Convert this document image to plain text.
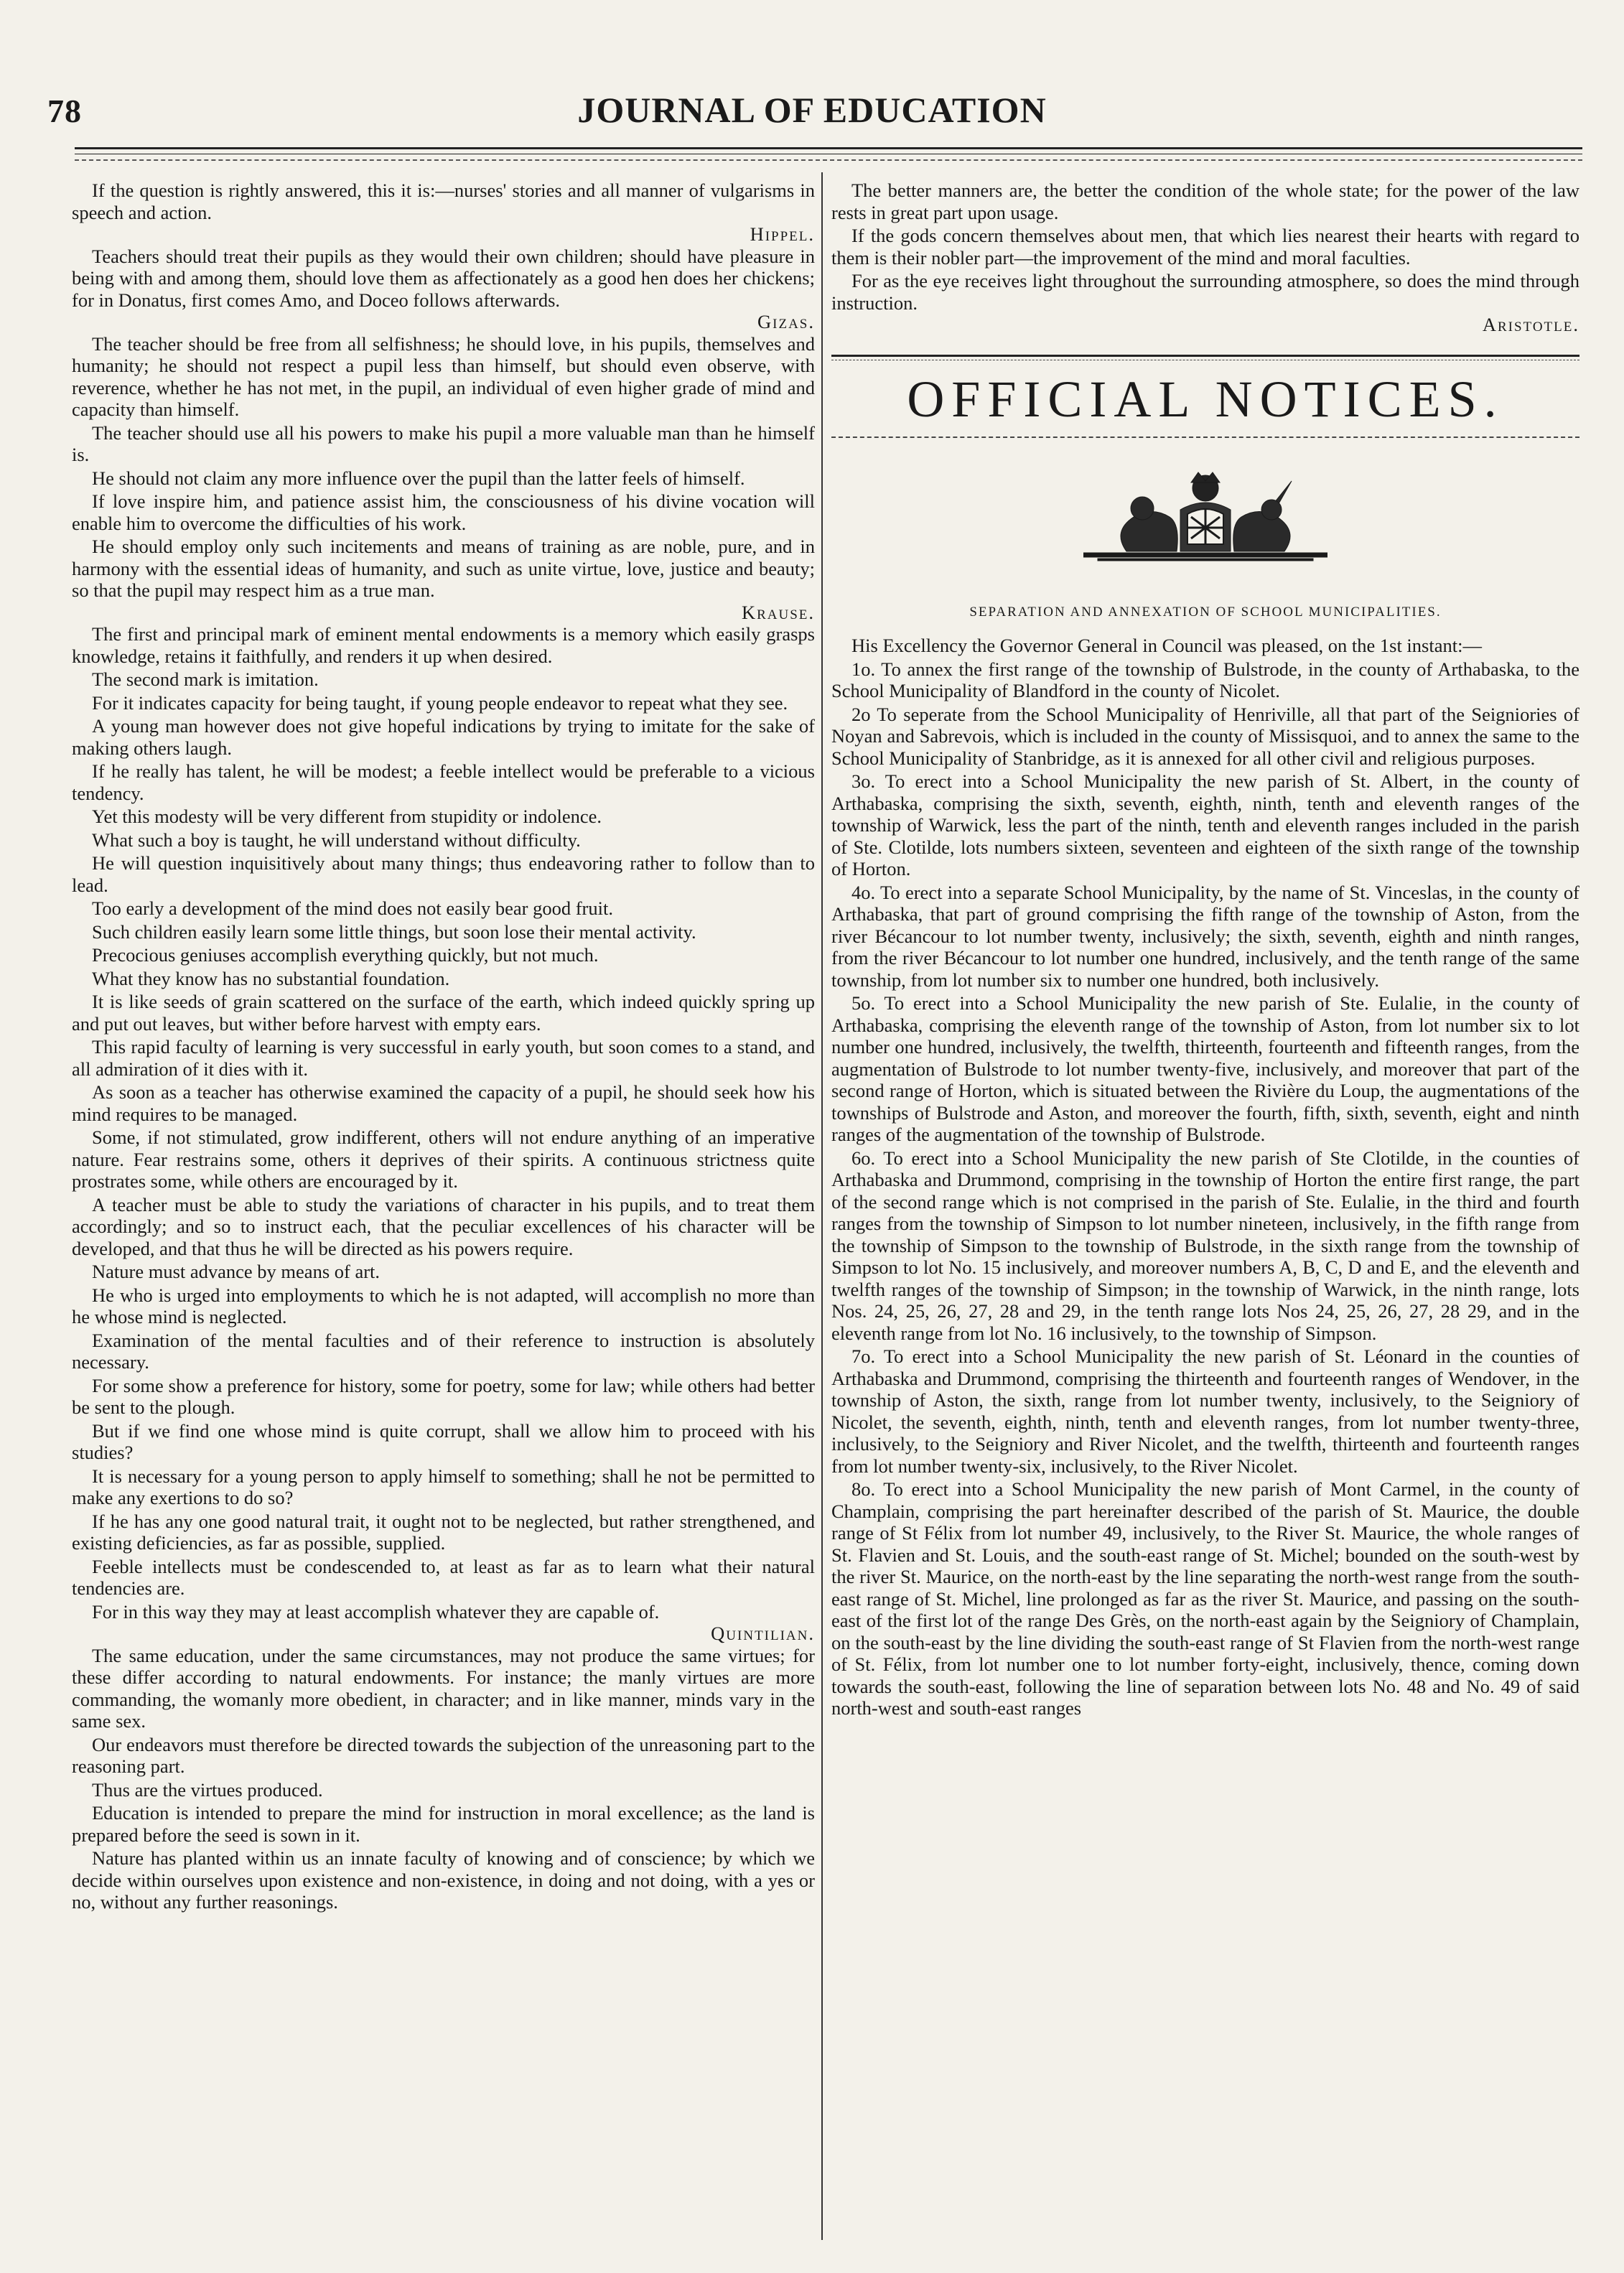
78	JOURNAL OF EDUCATION

If the question is rightly answered, this it is:—nurses' stories and all manner of vulgarisms in speech and action.

Hippel.

Teachers should treat their pupils as they would their own children; should have pleasure in being with and among them, should love them as affectionately as a good hen does her chickens; for in Donatus, first comes Amo, and Doceo follows afterwards.

Gizas.

The teacher should be free from all selfishness; he should love, in his pupils, themselves and humanity; he should not respect a pupil less than himself, but should even observe, with reverence, whether he has not met, in the pupil, an individual of even higher grade of mind and capacity than himself.

The teacher should use all his powers to make his pupil a more valuable man than he himself is.

He should not claim any more influence over the pupil than the latter feels of himself.

If love inspire him, and patience assist him, the consciousness of his divine vocation will enable him to overcome the difficulties of his work.

He should employ only such incitements and means of training as are noble, pure, and in harmony with the essential ideas of humanity, and such as unite virtue, love, justice and beauty; so that the pupil may respect him as a true man.

Krause.

The first and principal mark of eminent mental endowments is a memory which easily grasps knowledge, retains it faithfully, and renders it up when desired.

The second mark is imitation.

For it indicates capacity for being taught, if young people endeavor to repeat what they see.

A young man however does not give hopeful indications by trying to imitate for the sake of making others laugh.

If he really has talent, he will be modest; a feeble intellect would be preferable to a vicious tendency.

Yet this modesty will be very different from stupidity or indolence.

What such a boy is taught, he will understand without difficulty.

He will question inquisitively about many things; thus endeavoring rather to follow than to lead.

Too early a development of the mind does not easily bear good fruit.

Such children easily learn some little things, but soon lose their mental activity.

Precocious geniuses accomplish everything quickly, but not much.

What they know has no substantial foundation.

It is like seeds of grain scattered on the surface of the earth, which indeed quickly spring up and put out leaves, but wither before harvest with empty ears.

This rapid faculty of learning is very successful in early youth, but soon comes to a stand, and all admiration of it dies with it.

As soon as a teacher has otherwise examined the capacity of a pupil, he should seek how his mind requires to be managed.

Some, if not stimulated, grow indifferent, others will not endure anything of an imperative nature. Fear restrains some, others it deprives of their spirits. A continuous strictness quite prostrates some, while others are encouraged by it.

A teacher must be able to study the variations of character in his pupils, and to treat them accordingly; and so to instruct each, that the peculiar excellences of his character will be developed, and that thus he will be directed as his powers require.

Nature must advance by means of art.

He who is urged into employments to which he is not adapted, will accomplish no more than he whose mind is neglected.

Examination of the mental faculties and of their reference to instruction is absolutely necessary.

For some show a preference for history, some for poetry, some for law; while others had better be sent to the plough.

But if we find one whose mind is quite corrupt, shall we allow him to proceed with his studies?

It is necessary for a young person to apply himself to something; shall he not be permitted to make any exertions to do so?

If he has any one good natural trait, it ought not to be neglected, but rather strengthened, and existing deficiencies, as far as possible, supplied.

Feeble intellects must be condescended to, at least as far as to learn what their natural tendencies are.

For in this way they may at least accomplish whatever they are capable of.

Quintilian.

The same education, under the same circumstances, may not produce the same virtues; for these differ according to natural endowments. For instance; the manly virtues are more commanding, the womanly more obedient, in character; and in like manner, minds vary in the same sex.

Our endeavors must therefore be directed towards the subjection of the unreasoning part to the reasoning part.

Thus are the virtues produced.

Education is intended to prepare the mind for instruction in moral excellence; as the land is prepared before the seed is sown in it.

Nature has planted within us an innate faculty of knowing and of conscience; by which we decide within ourselves upon existence and non-existence, in doing and not doing, with a yes or no, without any further reasonings.

The better manners are, the better the condition of the whole state; for the power of the law rests in great part upon usage.

If the gods concern themselves about men, that which lies nearest their hearts with regard to them is their nobler part—the improvement of the mind and moral faculties.

For as the eye receives light throughout the surrounding atmosphere, so does the mind through instruction.

Aristotle.
OFFICIAL NOTICES.
SEPARATION AND ANNEXATION OF SCHOOL MUNICIPALITIES.

His Excellency the Governor General in Council was pleased, on the 1st instant:—

1o. To annex the first range of the township of Bulstrode, in the county of Arthabaska, to the School Municipality of Blandford in the county of Nicolet.

2o To seperate from the School Municipality of Henriville, all that part of the Seigniories of Noyan and Sabrevois, which is included in the county of Missisquoi, and to annex the same to the School Municipality of Stanbridge, as it is annexed for all other civil and religious purposes.

3o. To erect into a School Municipality the new parish of St. Albert, in the county of Arthabaska, comprising the sixth, seventh, eighth, ninth, tenth and eleventh ranges of the township of Warwick, less the part of the ninth, tenth and eleventh ranges included in the parish of Ste. Clotilde, lots numbers sixteen, seventeen and eighteen of the sixth range of the township of Horton.

4o. To erect into a separate School Municipality, by the name of St. Vinceslas, in the county of Arthabaska, that part of ground comprising the fifth range of the township of Aston, from the river Bécancour to lot number twenty, inclusively; the sixth, seventh, eighth and ninth ranges, from the river Bécancour to lot number one hundred, inclusively, and the tenth range of the same township, from lot number six to number one hundred, both inclusively.

5o. To erect into a School Municipality the new parish of Ste. Eulalie, in the county of Arthabaska, comprising the eleventh range of the township of Aston, from lot number six to lot number one hundred, inclusively, the twelfth, thirteenth, fourteenth and fifteenth ranges, from the augmentation of Bulstrode to lot number twenty-five, inclusively, and moreover that part of the second range of Horton, which is situated between the Rivière du Loup, the augmentations of the townships of Bulstrode and Aston, and moreover the fourth, fifth, sixth, seventh, eight and ninth ranges of the augmentation of the township of Bulstrode.

6o. To erect into a School Municipality the new parish of Ste Clotilde, in the counties of Arthabaska and Drummond, comprising in the township of Horton the entire first range, the part of the second range which is not comprised in the parish of Ste. Eulalie, in the third and fourth ranges from the township of Simpson to lot number nineteen, inclusively, in the fifth range from the township of Simpson to the township of Bulstrode, in the sixth range from the township of Simpson to lot No. 15 inclusively, and moreover numbers A, B, C, D and E, and the eleventh and twelfth ranges of the township of Simpson; in the township of Warwick, in the ninth range, lots Nos. 24, 25, 26, 27, 28 and 29, in the tenth range lots Nos 24, 25, 26, 27, 28 29, and in the eleventh range from lot No. 16 inclusively, to the township of Simpson.

7o. To erect into a School Municipality the new parish of St. Léonard in the counties of Arthabaska and Drummond, comprising the thirteenth and fourteenth ranges of Wendover, in the township of Aston, the sixth, range from lot number twenty, inclusively, to the Seigniory of Nicolet, the seventh, eighth, ninth, tenth and eleventh ranges, from lot number twenty-three, inclusively, to the Seigniory and River Nicolet, and the twelfth, thirteenth and fourteenth ranges from lot number twenty-six, inclusively, to the River Nicolet.

8o. To erect into a School Municipality the new parish of Mont Carmel, in the county of Champlain, comprising the part hereinafter described of the parish of St. Maurice, the double range of St Félix from lot number 49, inclusively, to the River St. Maurice, the whole ranges of St. Flavien and St. Louis, and the south-east range of St. Michel; bounded on the south-west by the river St. Maurice, on the north-east by the line separating the north-west range from the south-east range of St. Michel, line prolonged as far as the river St. Maurice, and passing on the south-east of the first lot of the range Des Grès, on the north-east again by the Seigniory of Champlain, on the south-east by the line dividing the south-east range of St Flavien from the north-west range of St. Félix, from lot number one to lot number forty-eight, inclusively, thence, coming down towards the south-east, following the line of separation between lots No. 48 and No. 49 of said north-west and south-east ranges
